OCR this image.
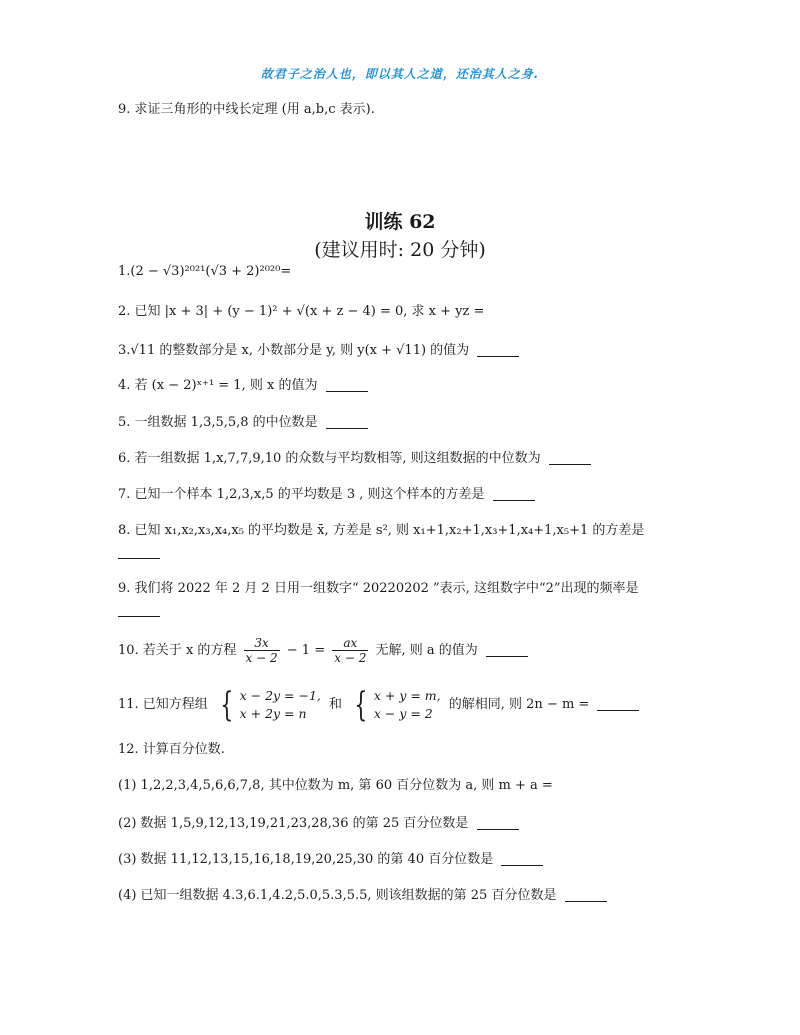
故君子之治人也，即以其人之道，还治其人之身.
9. 求证三角形的中线长定理 (用 a,b,c 表示).
训练 62
(建议用时: 20 分钟)
1.(2 − √3)²⁰²¹(√3 + 2)²⁰²⁰=
2. 已知 |x + 3| + (y − 1)² + √(x + z − 4) = 0, 求 x + yz =
3.√11 的整数部分是 x, 小数部分是 y, 则 y(x + √11) 的值为
4. 若 (x − 2)ˣ⁺¹ = 1, 则 x 的值为
5. 一组数据 1,3,5,5,8 的中位数是
6. 若一组数据 1,x,7,7,9,10 的众数与平均数相等, 则这组数据的中位数为
7. 已知一个样本 1,2,3,x,5 的平均数是 3 , 则这个样本的方差是
8. 已知 x₁,x₂,x₃,x₄,x₅ 的平均数是 x̄, 方差是 s², 则 x₁+1,x₂+1,x₃+1,x₄+1,x₅+1 的方差是
9. 我们将 2022 年 2 月 2 日用一组数字“ 20220202 ”表示, 这组数字中“2”出现的频率是
10. 若关于 x 的方程 $\frac{3x}{x - 2} - 1 = \frac{ax}{x - 2}$ 无解, 则 a 的值为
11. 已知方程组 { x − 2y = −1,
x + 2y = n
和 { x + y = m,
x − y = 2
的解相同, 则 2n − m =
12. 计算百分位数.
(1) 1,2,2,3,4,5,6,6,7,8, 其中位数为 m, 第 60 百分位数为 a, 则 m + a =
(2) 数据 1,5,9,12,13,19,21,23,28,36 的第 25 百分位数是
(3) 数据 11,12,13,15,16,18,19,20,25,30 的第 40 百分位数是
(4) 已知一组数据 4.3,6.1,4.2,5.0,5.3,5.5, 则该组数据的第 25 百分位数是
